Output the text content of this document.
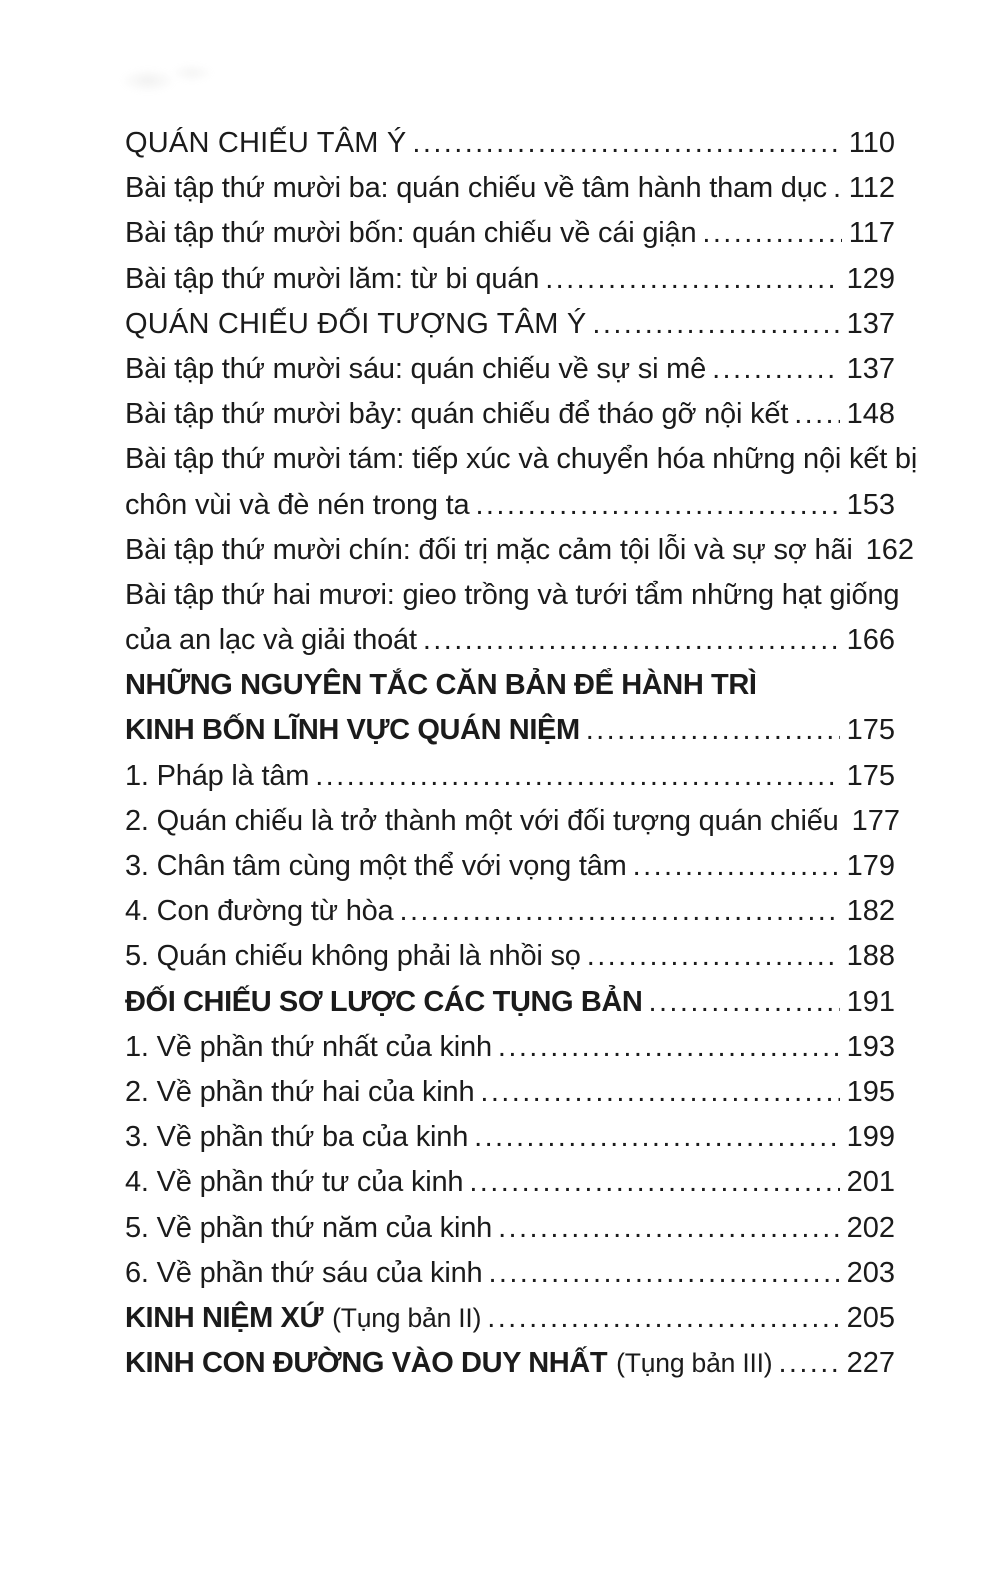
QUÁN CHIẾU TÂM Ý .....	110
Bài tập thứ mười ba: quán chiếu về tâm hành tham dục ..... 112
Bài tập thứ mười bốn: quán chiếu về cái giận .....	117
Bài tập thứ mười lăm: từ bi quán .....	129
QUÁN CHIẾU ĐỐI TƯỢNG TÂM Ý .....	137
Bài tập thứ mười sáu: quán chiếu về sự si mê .....	137
Bài tập thứ mười bảy: quán chiếu để tháo gỡ nội kết ..... 148
Bài tập thứ mười tám: tiếp xúc và chuyển hóa những nội kết bị
chôn vùi và đè nén trong ta .....	153
Bài tập thứ mười chín: đối trị mặc cảm tội lỗi và sự sợ hãi 162
Bài tập thứ hai mươi: gieo trồng và tưới tẩm những hạt giống
của an lạc và giải thoát .....	166
NHỮNG NGUYÊN TẮC CĂN BẢN ĐỂ HÀNH TRÌ
KINH BỐN LĨNH VỰC QUÁN NIỆM .....	175
1. Pháp là tâm .....	175
2. Quán chiếu là trở thành một với đối tượng quán chiếu 177
3. Chân tâm cùng một thể với vọng tâm .....	179
4. Con đường từ hòa .....	182
5. Quán chiếu không phải là nhồi sọ .....	188
ĐỐI CHIẾU SƠ LƯỢC CÁC TỤNG BẢN .....	191
1. Về phần thứ nhất của kinh .....	193
2. Về phần thứ hai của kinh .....	195
3. Về phần thứ ba của kinh .....	199
4. Về phần thứ tư của kinh .....	201
5. Về phần thứ năm của kinh .....	202
6. Về phần thứ sáu của kinh .....	203
KINH NIỆM XỨ (Tụng bản II) .....	205
KINH CON ĐƯỜNG VÀO DUY NHẤT (Tụng bản III) .....	227
